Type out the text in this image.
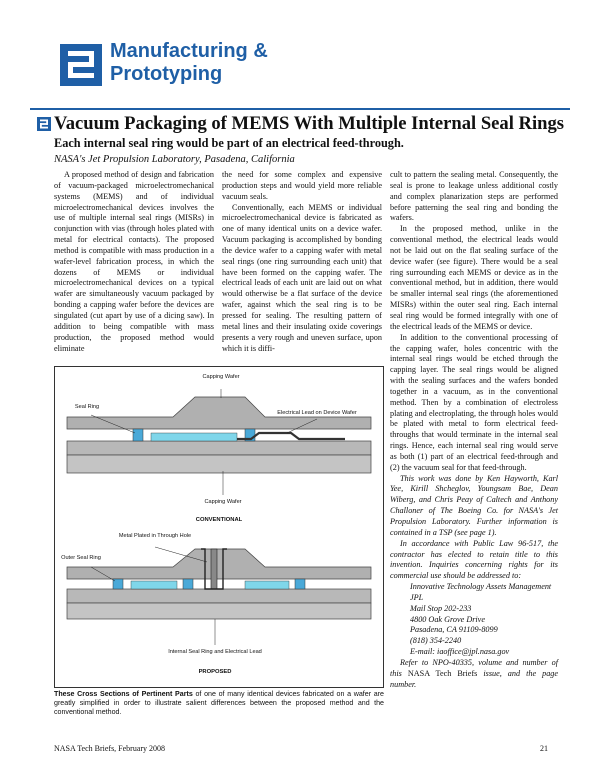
Manufacturing &
Prototyping
Vacuum Packaging of MEMS With Multiple Internal Seal Rings
Each internal seal ring would be part of an electrical feed-through.
NASA's Jet Propulsion Laboratory, Pasadena, California

A proposed method of design and fabrication of vacuum-packaged microelectromechanical systems (MEMS) and of individual microelectromechanical devices involves the use of multiple internal seal rings (MISRs) in conjunction with vias (through holes plated with metal for electrical contacts). The proposed method is compatible with mass production in a wafer-level fabrication process, in which the dozens of MEMS or individual microelectromechanical devices on a typical wafer are simultaneously vacuum packaged by bonding a capping wafer before the devices are singulated (cut apart by use of a dicing saw). In addition to being compatible with mass production, the proposed method would eliminate

the need for some complex and expensive production steps and would yield more reliable vacuum seals.

Conventionally, each MEMS or individual microelectromechanical device is fabricated as one of many identical units on a device wafer. Vacuum packaging is accomplished by bonding the device wafer to a capping wafer with metal seal rings (one ring surrounding each unit) that have been formed on the capping wafer. The electrical leads of each unit are laid out on what would otherwise be a flat surface of the device wafer, against which the seal ring is to be pressed for sealing. The resulting pattern of metal lines and their insulating oxide coverings presents a very rough and uneven surface, upon which it is diffi-

cult to pattern the sealing metal. Consequently, the seal is prone to leakage unless additional costly and complex planarization steps are performed before patterning the seal ring and bonding the wafers.

In the proposed method, unlike in the conventional method, the electrical leads would not be laid out on the flat sealing surface of the device wafer (see figure). There would be a seal ring surrounding each MEMS or device as in the conventional method, but in addition, there would be smaller internal seal rings (the aforementioned MISRs) within the outer seal ring. Each internal seal ring would be formed integrally with one of the electrical leads of the MEMS or device.

In addition to the conventional processing of the capping wafer, holes concentric with the internal seal rings would be etched through the capping layer. The seal rings would be aligned with the sealing surfaces and the wafers bonded together in a vacuum, as in the conventional method. Then by a combination of electroless plating and electroplating, the through holes would be plated with metal to form electrical feed-throughs that would terminate in the internal seal rings. Hence, each internal seal ring would serve as both (1) part of an electrical feed-through and (2) the vacuum seal for that feed-through.

This work was done by Ken Hayworth, Karl Yee, Kirill Shcheglov, Youngsam Bae, Dean Wiberg, and Chris Peay of Caltech and Anthony Challoner of The Boeing Co. for NASA's Jet Propulsion Laboratory. Further information is contained in a TSP (see page 1).

In accordance with Public Law 96-517, the contractor has elected to retain title to this invention. Inquiries concerning rights for its commercial use should be addressed to:

Innovative Technology Assets Management

JPL

Mail Stop 202-233

4800 Oak Grove Drive

Pasadena, CA 91109-8099

(818) 354-2240

E-mail: iaoffice@jpl.nasa.gov

Refer to NPO-40335, volume and number of this NASA Tech Briefs issue, and the page number.

Capping Wafer
Seal Ring
Electrical Lead on Device Wafer
Capping Wafer
CONVENTIONAL
Metal Plated in Through Hole
Outer Seal Ring
Internal Seal Ring and Electrical Lead
PROPOSED
These Cross Sections of Pertinent Parts of one of many identical devices fabricated on a wafer are greatly simplified in order to illustrate salient differences between the proposed method and the conventional method.
NASA Tech Briefs, February 2008	21
